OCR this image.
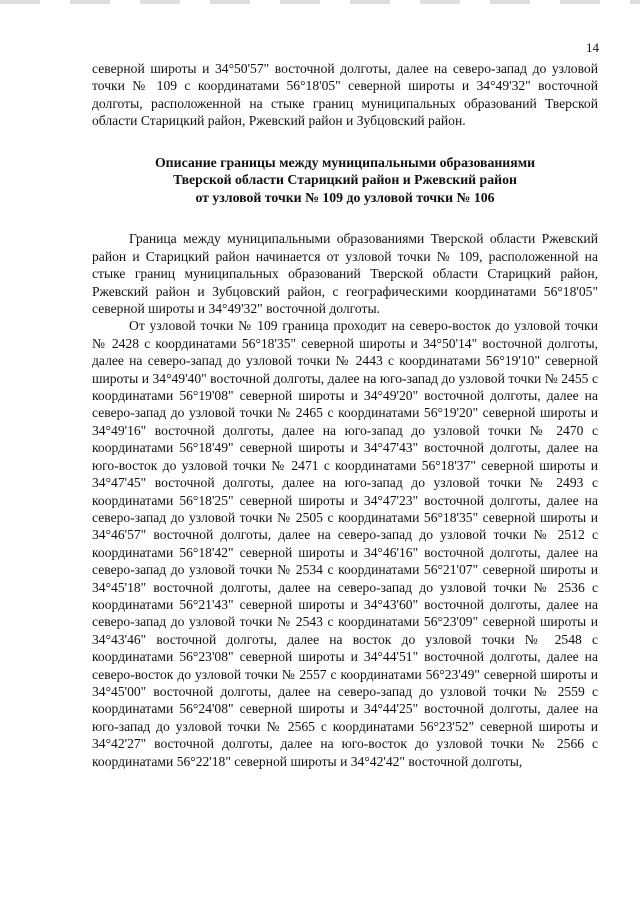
14

северной широты и 34°50'57" восточной долготы, далее на северо-запад до узловой точки № 109 с координатами 56°18'05" северной широты и 34°49'32" восточной долготы, расположенной на стыке границ муниципальных образований Тверской области Старицкий район, Ржевский район и Зубцовский район.

Описание границы между муниципальными образованиями
Тверской области Старицкий район и Ржевский район
от узловой точки № 109 до узловой точки № 106

Граница между муниципальными образованиями Тверской области Ржевский район и Старицкий район начинается от узловой точки № 109, расположенной на стыке границ муниципальных образований Тверской области Старицкий район, Ржевский район и Зубцовский район, с географическими координатами 56°18'05" северной широты и 34°49'32" восточной долготы.

От узловой точки № 109 граница проходит на северо-восток до узловой точки № 2428 с координатами 56°18'35" северной широты и 34°50'14" восточной долготы, далее на северо-запад до узловой точки № 2443 с координатами 56°19'10" северной широты и 34°49'40" восточной долготы, далее на юго-запад до узловой точки № 2455 с координатами 56°19'08" северной широты и 34°49'20" восточной долготы, далее на северо-запад до узловой точки № 2465 с координатами 56°19'20" северной широты и 34°49'16" восточной долготы, далее на юго-запад до узловой точки № 2470 с координатами 56°18'49" северной широты и 34°47'43" восточной долготы, далее на юго-восток до узловой точки № 2471 с координатами 56°18'37" северной широты и 34°47'45" восточной долготы, далее на юго-запад до узловой точки № 2493 с координатами 56°18'25" северной широты и 34°47'23" восточной долготы, далее на северо-запад до узловой точки № 2505 с координатами 56°18'35" северной широты и 34°46'57" восточной долготы, далее на северо-запад до узловой точки № 2512 с координатами 56°18'42" северной широты и 34°46'16" восточной долготы, далее на северо-запад до узловой точки № 2534 с координатами 56°21'07" северной широты и 34°45'18" восточной долготы, далее на северо-запад до узловой точки № 2536 с координатами 56°21'43" северной широты и 34°43'60" восточной долготы, далее на северо-запад до узловой точки № 2543 с координатами 56°23'09" северной широты и 34°43'46" восточной долготы, далее на восток до узловой точки № 2548 с координатами 56°23'08" северной широты и 34°44'51" восточной долготы, далее на северо-восток до узловой точки № 2557 с координатами 56°23'49" северной широты и 34°45'00" восточной долготы, далее на северо-запад до узловой точки № 2559 с координатами 56°24'08" северной широты и 34°44'25" восточной долготы, далее на юго-запад до узловой точки № 2565 с координатами 56°23'52" северной широты и 34°42'27" восточной долготы, далее на юго-восток до узловой точки № 2566 с координатами 56°22'18" северной широты и 34°42'42" восточной долготы,
